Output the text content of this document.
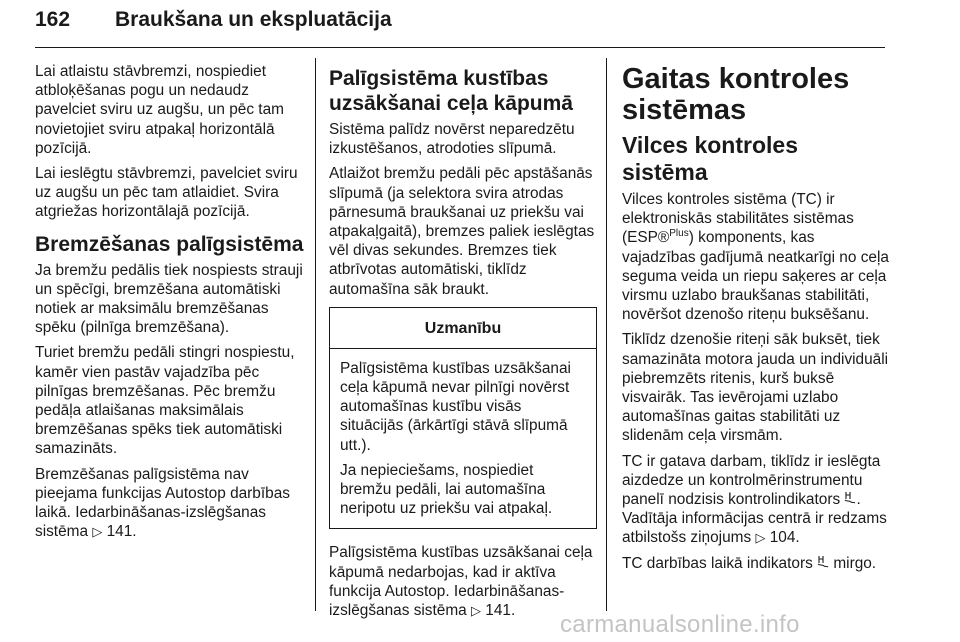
162 Braukšana un ekspluatācija

Lai atlaistu stāvbremzi, nospiediet atbloķēšanas pogu un nedaudz pavelciet sviru uz augšu, un pēc tam novietojiet sviru atpakaļ horizontālā pozīcijā.

Lai ieslēgtu stāvbremzi, pavelciet sviru uz augšu un pēc tam atlaidiet. Svira atgriežas horizontālajā pozīcijā.

Bremzēšanas palīgsistēma

Ja bremžu pedālis tiek nospiests strauji un spēcīgi, bremzēšana automātiski notiek ar maksimālu bremzēšanas spēku (pilnīga bremzēšana).

Turiet bremžu pedāli stingri nospiestu, kamēr vien pastāv vajadzība pēc pilnīgas bremzēšanas. Pēc bremžu pedāļa atlaišanas maksimālais bremzēšanas spēks tiek automātiski samazināts.

Bremzēšanas palīgsistēma nav pieejama funkcijas Autostop darbības laikā. Iedarbināšanas-izslēgšanas sistēma ▷ 141.

Palīgsistēma kustības uzsākšanai ceļa kāpumā

Sistēma palīdz novērst neparedzētu izkustēšanos, atrodoties slīpumā.

Atlaižot bremžu pedāli pēc apstāšanās slīpumā (ja selektora svira atrodas pārnesumā braukšanai uz priekšu vai atpakaļgaitā), bremzes paliek ieslēgtas vēl divas sekundes. Bremzes tiek atbrīvotas automātiski, tiklīdz automašīna sāk braukt.

Uzmanību

Palīgsistēma kustības uzsākšanai ceļa kāpumā nevar pilnīgi novērst automašīnas kustību visās situācijās (ārkārtīgi stāvā slīpumā utt.).

Ja nepieciešams, nospiediet bremžu pedāli, lai automašīna neripotu uz priekšu vai atpakaļ.

Palīgsistēma kustības uzsākšanai ceļa kāpumā nedarbojas, kad ir aktīva funkcija Autostop. Iedarbināšanas-izslēgšanas sistēma ▷ 141.

Gaitas kontroles sistēmas
Vilces kontroles sistēma

Vilces kontroles sistēma (TC) ir elektroniskās stabilitātes sistēmas (ESP®$^{Plus}$) komponents, kas vajadzības gadījumā neatkarīgi no ceļa seguma veida un riepu saķeres ar ceļa virsmu uzlabo braukšanas stabilitāti, novēršot dzenošo riteņu buksēšanu.

Tiklīdz dzenošie riteņi sāk buksēt, tiek samazināta motora jauda un individuāli piebremzēts ritenis, kurš buksē visvairāk. Tas ievērojami uzlabo automašīnas gaitas stabilitāti uz slidenām ceļa virsmām.

TC ir gatava darbam, tiklīdz ir ieslēgta aizdedze un kontrolmērinstrumentu panelī nodzisis kontrolindikators . Vadītāja informācijas centrā ir redzams atbilstošs ziņojums ▷ 104.

TC darbības laikā indikators mirgo.

carmanualsonline.info
